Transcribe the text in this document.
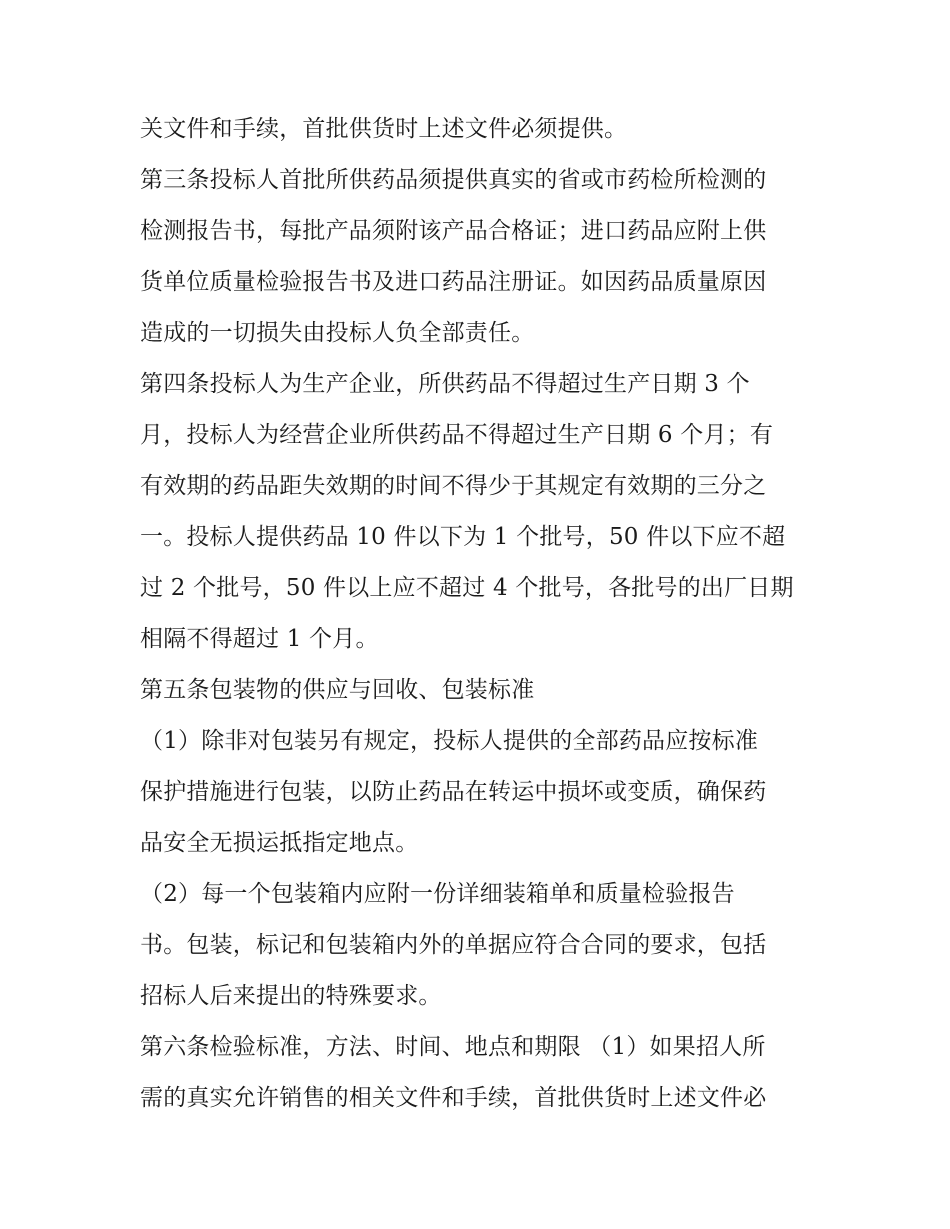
关文件和手续，首批供货时上述文件必须提供。
第三条投标人首批所供药品须提供真实的省或市药检所检测的
检测报告书，每批产品须附该产品合格证；进口药品应附上供
货单位质量检验报告书及进口药品注册证。如因药品质量原因
造成的一切损失由投标人负全部责任。
第四条投标人为生产企业，所供药品不得超过生产日期 3 个
月，投标人为经营企业所供药品不得超过生产日期 6 个月；有
有效期的药品距失效期的时间不得少于其规定有效期的三分之
一。投标人提供药品 10 件以下为 1 个批号，50 件以下应不超
过 2 个批号，50 件以上应不超过 4 个批号，各批号的出厂日期
相隔不得超过 1 个月。
第五条包装物的供应与回收、包装标准
（1）除非对包装另有规定，投标人提供的全部药品应按标准
保护措施进行包装，以防止药品在转运中损坏或变质，确保药
品安全无损运抵指定地点。
（2）每一个包装箱内应附一份详细装箱单和质量检验报告
书。包装，标记和包装箱内外的单据应符合合同的要求，包括
招标人后来提出的特殊要求。
第六条检验标准，方法、时间、地点和期限 （1）如果招人所
需的真实允许销售的相关文件和手续，首批供货时上述文件必
